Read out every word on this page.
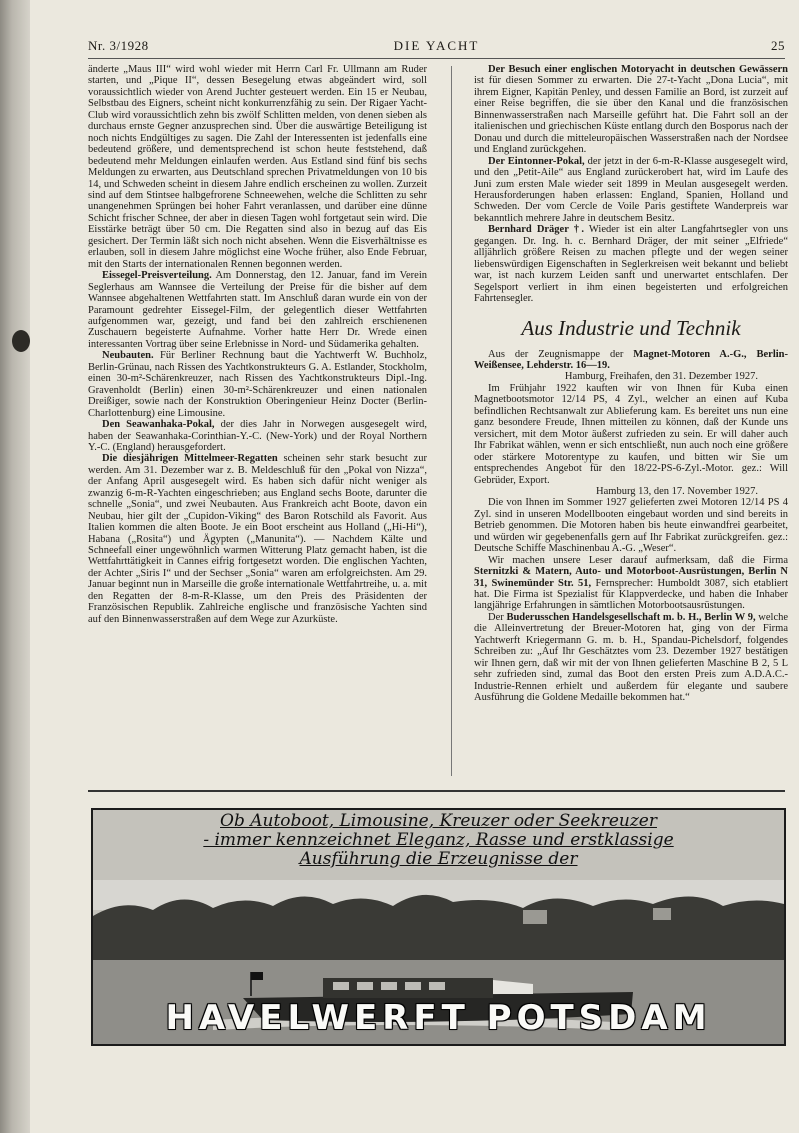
Nr. 3/1928	DIE YACHT	25

änderte „Maus III“ wird wohl wieder mit Herrn Carl Fr. Ullmann am Ruder starten, und „Pique II“, dessen Besegelung etwas abgeändert wird, soll voraussichtlich wieder von Arend Juchter gesteuert werden. Ein 15 er Neubau, Selbstbau des Eigners, scheint nicht konkurrenzfähig zu sein. Der Rigaer Yacht-Club wird voraussichtlich zehn bis zwölf Schlitten melden, von denen sieben als durchaus ernste Gegner anzusprechen sind. Über die auswärtige Beteiligung ist noch nichts Endgültiges zu sagen. Die Zahl der Interessenten ist jedenfalls eine bedeutend größere, und dementsprechend ist schon heute feststehend, daß bedeutend mehr Meldungen einlaufen werden. Aus Estland sind fünf bis sechs Meldungen zu erwarten, aus Deutschland sprechen Privatmeldungen von 10 bis 14, und Schweden scheint in diesem Jahre endlich erscheinen zu wollen. Zurzeit sind auf dem Stintsee halbgefrorene Schneewehen, welche die Schlitten zu sehr unangenehmen Sprüngen bei hoher Fahrt veranlassen, und darüber eine dünne Schicht frischer Schnee, der aber in diesen Tagen wohl fortgetaut sein wird. Die Eisstärke beträgt über 50 cm. Die Regatten sind also in bezug auf das Eis gesichert. Der Termin läßt sich noch nicht absehen. Wenn die Eisverhältnisse es erlauben, soll in diesem Jahre möglichst eine Woche früher, also Ende Februar, mit den Starts der internationalen Rennen begonnen werden.

Eissegel-Preisverteilung. Am Donnerstag, den 12. Januar, fand im Verein Seglerhaus am Wannsee die Verteilung der Preise für die bisher auf dem Wannsee abgehaltenen Wettfahrten statt. Im Anschluß daran wurde ein von der Paramount gedrehter Eissegel-Film, der gelegentlich dieser Wettfahrten aufgenommen war, gezeigt, und fand bei den zahlreich erschienenen Zuschauern begeisterte Aufnahme. Vorher hatte Herr Dr. Wrede einen interessanten Vortrag über seine Erlebnisse in Nord- und Südamerika gehalten.

Neubauten. Für Berliner Rechnung baut die Yachtwerft W. Buchholz, Berlin-Grünau, nach Rissen des Yachtkonstrukteurs G. A. Estlander, Stockholm, einen 30-m²-Schärenkreuzer, nach Rissen des Yachtkonstrukteurs Dipl.-Ing. Gravenholdt (Berlin) einen 30-m²-Schärenkreuzer und einen nationalen Dreißiger, sowie nach der Konstruktion Oberingenieur Heinz Docter (Berlin-Charlottenburg) eine Limousine.

Den Seawanhaka-Pokal, der dies Jahr in Norwegen ausgesegelt wird, haben der Seawanhaka-Corinthian-Y.-C. (New-York) und der Royal Northern Y.-C. (England) herausgefordert.

Die diesjährigen Mittelmeer-Regatten scheinen sehr stark besucht zur werden. Am 31. Dezember war z. B. Meldeschluß für den „Pokal von Nizza“, der Anfang April ausgesegelt wird. Es haben sich dafür nicht weniger als zwanzig 6-m-R-Yachten eingeschrieben; aus England sechs Boote, darunter die schnelle „Sonia“, und zwei Neubauten. Aus Frankreich acht Boote, davon ein Neubau, hier gilt der „Cupidon-Viking“ des Baron Rotschild als Favorit. Aus Italien kommen die alten Boote. Je ein Boot erscheint aus Holland („Hi-Hi“), Habana („Rosita“) und Ägypten („Manunita“). — Nachdem Kälte und Schneefall einer ungewöhnlich warmen Witterung Platz gemacht haben, ist die Wettfahrttätigkeit in Cannes eifrig fortgesetzt worden. Die englischen Yachten, der Achter „Siris I“ und der Sechser „Sonia“ waren am erfolgreichsten. Am 29. Januar beginnt nun in Marseille die große internationale Wettfahrtreihe, u. a. mit den Regatten der 8-m-R-Klasse, um den Preis des Präsidenten der Französischen Republik. Zahlreiche englische und französische Yachten sind auf den Binnenwasserstraßen auf dem Wege zur Azurküste.

Der Besuch einer englischen Motoryacht in deutschen Gewässern ist für diesen Sommer zu erwarten. Die 27-t-Yacht „Dona Lucia“, mit ihrem Eigner, Kapitän Penley, und dessen Familie an Bord, ist zurzeit auf einer Reise begriffen, die sie über den Kanal und die französischen Binnenwasserstraßen nach Marseille geführt hat. Die Fahrt soll an der italienischen und griechischen Küste entlang durch den Bosporus nach der Donau und durch die mitteleuropäischen Wasserstraßen nach der Nordsee und England zurückgehen.

Der Eintonner-Pokal, der jetzt in der 6-m-R-Klasse ausgesegelt wird, und den „Petit-Aile“ aus England zurückerobert hat, wird im Laufe des Juni zum ersten Male wieder seit 1899 in Meulan ausgesegelt werden. Herausforderungen haben erlassen: England, Spanien, Holland und Schweden. Der vom Cercle de Voile Paris gestiftete Wanderpreis war bekanntlich mehrere Jahre in deutschem Besitz.

Bernhard Dräger †. Wieder ist ein alter Langfahrtsegler von uns gegangen. Dr. Ing. h. c. Bernhard Dräger, der mit seiner „Elfriede“ alljährlich größere Reisen zu machen pflegte und der wegen seiner liebenswürdigen Eigenschaften in Seglerkreisen weit bekannt und beliebt war, ist nach kurzem Leiden sanft und unerwartet entschlafen. Der Segelsport verliert in ihm einen begeisterten und erfolgreichen Fahrtensegler.

Aus Industrie und Technik

Aus der Zeugnismappe der Magnet-Motoren A.-G., Berlin-Weißensee, Lehderstr. 16—19.

Hamburg, Freihafen, den 31. Dezember 1927.

Im Frühjahr 1922 kauften wir von Ihnen für Kuba einen Magnetbootsmotor 12/14 PS, 4 Zyl., welcher an einen auf Kuba befindlichen Rechtsanwalt zur Ablieferung kam. Es bereitet uns nun eine ganz besondere Freude, Ihnen mitteilen zu können, daß der Kunde uns versichert, mit dem Motor äußerst zufrieden zu sein. Er will daher auch Ihr Fabrikat wählen, wenn er sich entschließt, nun auch noch eine größere oder stärkere Motorentype zu kaufen, und bitten wir Sie um entsprechendes Angebot für den 18/22-PS-6-Zyl.-Motor. gez.: Will Gebrüder, Export.

Hamburg 13, den 17. November 1927.

Die von Ihnen im Sommer 1927 gelieferten zwei Motoren 12/14 PS 4 Zyl. sind in unseren Modellbooten eingebaut worden und sind bereits in Betrieb genommen. Die Motoren haben bis heute einwandfrei gearbeitet, und würden wir gegebenenfalls gern auf Ihr Fabrikat zurückgreifen. gez.: Deutsche Schiffe Maschinenbau A.-G. „Weser“.

Wir machen unsere Leser darauf aufmerksam, daß die Firma Sternitzki & Matern, Auto- und Motorboot-Ausrüstungen, Berlin N 31, Swinemünder Str. 51, Fernsprecher: Humboldt 3087, sich etabliert hat. Die Firma ist Spezialist für Klappverdecke, und haben die Inhaber langjährige Erfahrungen in sämtlichen Motorbootsausrüstungen.

Der Buderusschen Handelsgesellschaft m. b. H., Berlin W 9, welche die Alleinvertretung der Breuer-Motoren hat, ging von der Firma Yachtwerft Kriegermann G. m. b. H., Spandau-Pichelsdorf, folgendes Schreiben zu: „Auf Ihr Geschätztes vom 23. Dezember 1927 bestätigen wir Ihnen gern, daß wir mit der von Ihnen gelieferten Maschine B 2, 5 L sehr zufrieden sind, zumal das Boot den ersten Preis zum A.D.A.C.-Industrie-Rennen erhielt und außerdem für elegante und saubere Ausführung die Goldene Medaille bekommen hat.“

Ob Autoboot, Limousine, Kreuzer oder Seekreuzer
- immer kennzeichnet Eleganz, Rasse und erstklassige
Ausführung die Erzeugnisse der
HAVELWERFT POTSDAM
